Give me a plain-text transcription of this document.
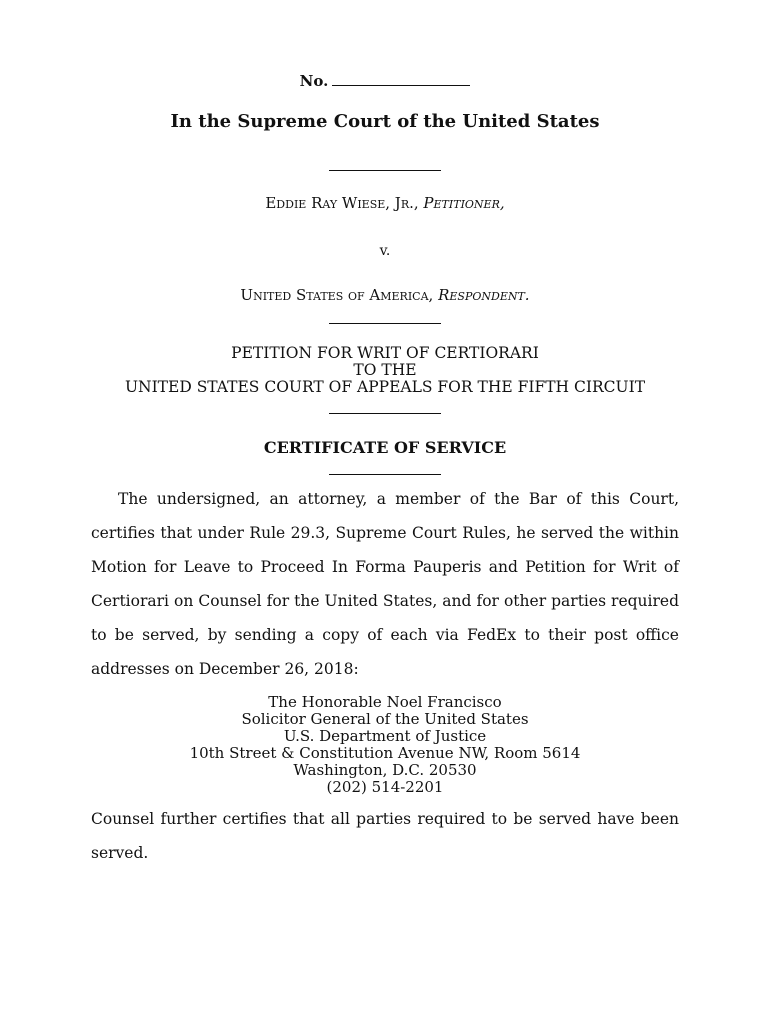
No.
In the Supreme Court of the United States
Eddie Ray Wiese, Jr., Petitioner,
v.
United States of America, Respondent.
PETITION FOR WRIT OF CERTIORARI
TO THE
UNITED STATES COURT OF APPEALS FOR THE FIFTH CIRCUIT
CERTIFICATE OF SERVICE
The undersigned, an attorney, a member of the Bar of this Court, certifies that under Rule 29.3, Supreme Court Rules, he served the within Motion for Leave to Proceed In Forma Pauperis and Petition for Writ of Certiorari on Counsel for the United States, and for other parties required to be served, by sending a copy of each via FedEx to their post office addresses on December 26, 2018:
The Honorable Noel Francisco
Solicitor General of the United States
U.S. Department of Justice
10th Street & Constitution Avenue NW, Room 5614
Washington, D.C. 20530
(202) 514-2201
Counsel further certifies that all parties required to be served have been served.
